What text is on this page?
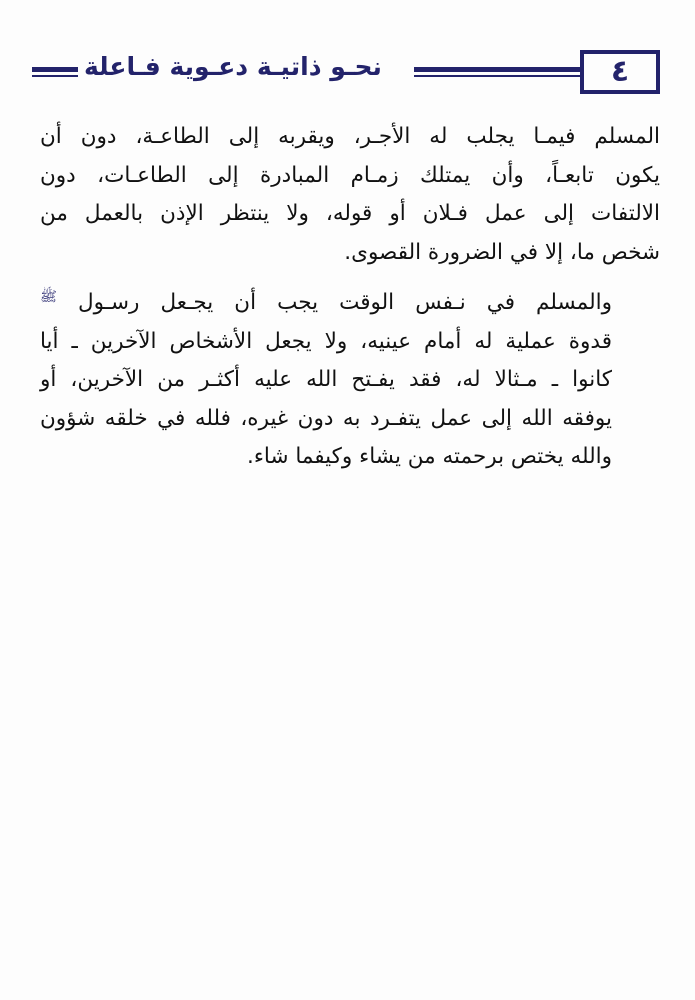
نحـو ذاتيـة دعـوية فـاعلة	٤
المسلم فيمـا يجلب له الأجـر، ويقربه إلى الطاعـة، دون أن
يكون تابعـاً، وأن يمتلك زمـام المبادرة إلى الطاعـات، دون
الالتفات إلى عمل فـلان أو قوله، ولا ينتظر الإذن بالعمل من
شخص ما، إلا في الضرورة القصوى.
والمسلم في نـفس الوقت يجب أن يجـعل رسـول $^ﷺ$
قدوة عملية له أمام عينيه، ولا يجعل الأشخاص الآخرين ـ أيا
كانوا ـ مـثالا له، فقد يفـتح الله عليه أكثـر من الآخرين، أو
يوفقه الله إلى عمل يتفـرد به دون غيره، فلله في خلقه شؤون
والله يختص برحمته من يشاء وكيفما شاء.
